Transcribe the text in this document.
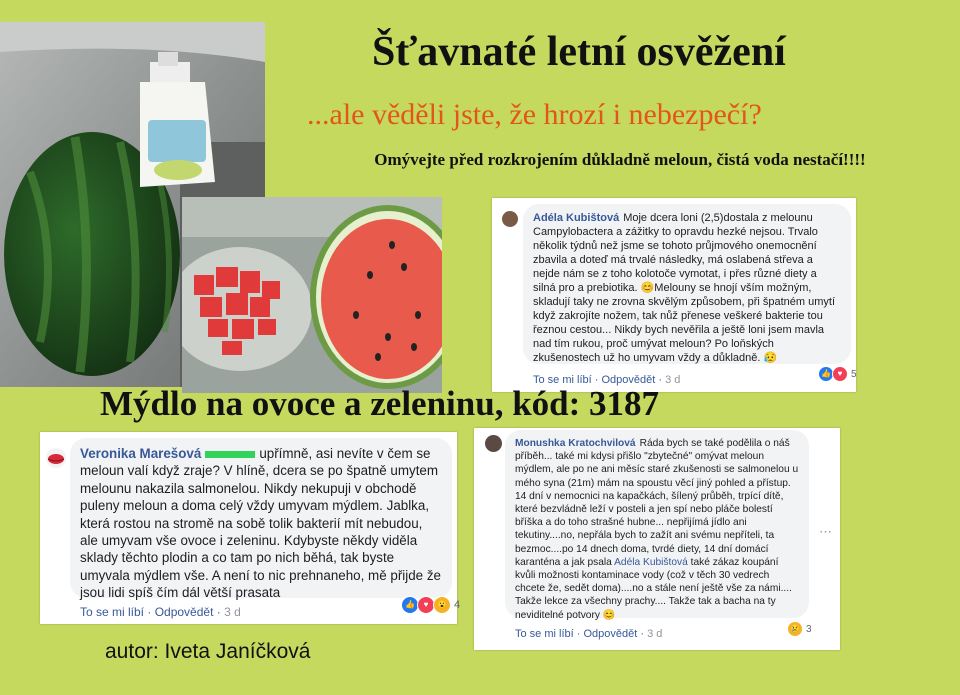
Šťavnaté letní osvěžení
...ale věděli jste, že hrozí i nebezpečí?
Omývejte před rozkrojením důkladně meloun, čistá voda nestačí!!!!
Adéla Kubištová Moje dcera loni (2,5)dostala z melounu Campylobactera a zážitky to opravdu hezké nejsou. Trvalo několik týdnů než jsme se tohoto průjmového onemocnění zbavila a doteď má trvalé následky, má oslabená střeva a nejde nám se z toho kolotoče vymotat, i přes různé diety a silná pro a prebiotika. 😊Melouny se hnojí vším možným, skladují taky ne zrovna skvělým způsobem, při špatném umytí když zakrojíte nožem, tak nůž přenese veškeré bakterie tou řeznou cestou... Nikdy bych nevěřila a ještě loni jsem mavla nad tím rukou, proč umývat meloun? Po loňských zkušenostech už ho umyvam vždy a důkladně. 😥
To se mi líbí · Odpovědět · 3 d
👍 ♥ 5
Mýdlo na ovoce a zeleninu, kód: 3187
Veronika Marešová	upřímně, asi nevíte v čem se meloun valí když zraje? V hlíně, dcera se po špatně umytem melounu nakazila salmonelou. Nikdy nekupuji v obchodě puleny meloun a doma celý vždy umyvam mýdlem. Jablka, která rostou na stromě na sobě tolik bakterií mít nebudou, ale umyvam vše ovoce i zeleninu. Kdybyste někdy viděla sklady těchto plodin a co tam po nich běhá, tak byste umyvala mýdlem vše. A není to nic prehnaneho, mě přijde že jsou lidi spíš čím dál větší prasata
To se mi líbí · Odpovědět · 3 d
👍	♥	😮 4
Monushka Kratochvilová Ráda bych se také podělila o náš příběh... také mi kdysi přišlo "zbytečné" omývat meloun mýdlem, ale po ne ani měsíc staré zkušenosti se salmonelou u mého syna (21m) mám na spoustu věcí jiný pohled a přístup. 14 dní v nemocnici na kapačkách, šílený průběh, trpící dítě, které bezvládně leží v posteli a jen spí nebo pláče bolestí bříška a do toho strašné hubne... nepřijímá jídlo ani tekutiny....no, nepřála bych to zažít ani svému nepříteli, ta bezmoc....po 14 dnech doma, tvrdé diety, 14 dní domácí karanténa a jak psala Adéla Kubištová také zákaz koupání kvůli možnosti kontaminace vody (což v těch 30 vedrech chcete že, sedět doma)....no a stále není ještě vše za námi.... Takže lekce za všechny prachy.... Takže tak a bacha na ty neviditelné potvory 😊
⋯
To se mi líbí · Odpovědět · 3 d	😢 3
autor: Iveta Janíčková
